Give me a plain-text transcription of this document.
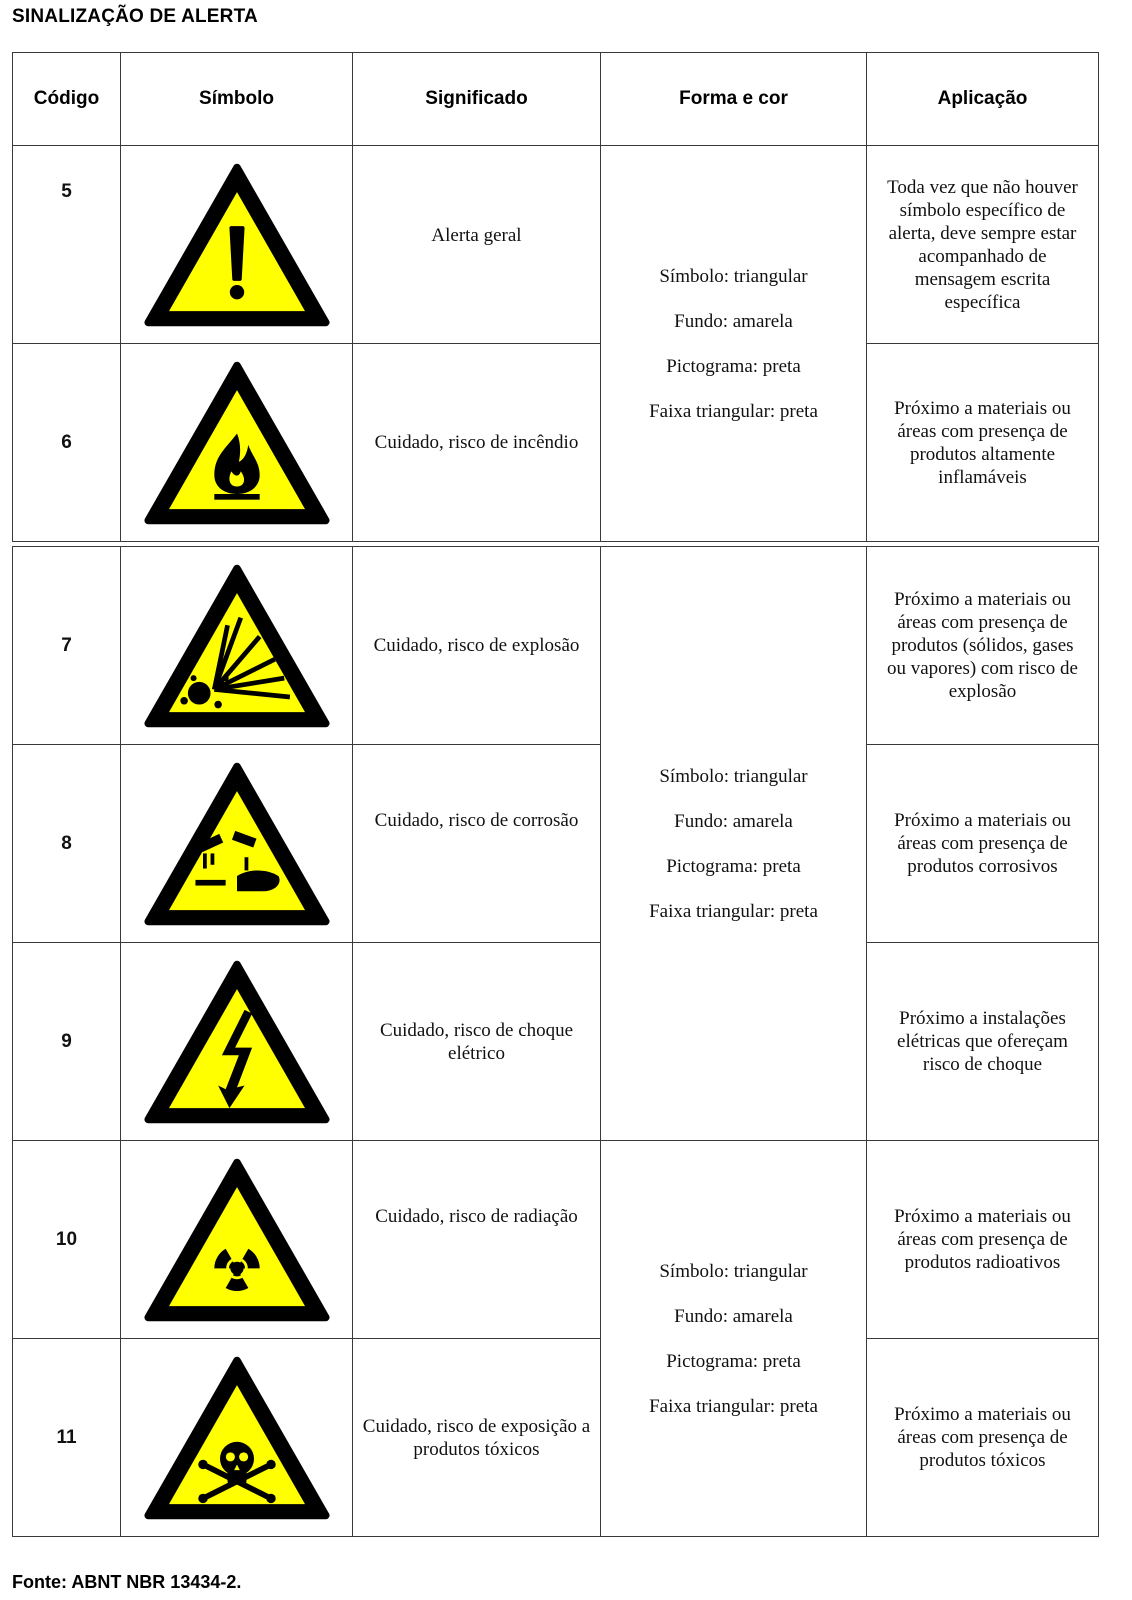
SINALIZAÇÃO DE ALERTA
Código	Símbolo	Significado	Forma e cor	Aplicação
5		Alerta geral	Símbolo: triangular
Fundo: amarela
Pictograma: preta
Faixa triangular: preta	Toda vez que não houver símbolo específico de alerta, deve sempre estar acompanhado de mensagem escrita específica
6		Cuidado, risco de incêndio		Próximo a materiais ou áreas com presença de produtos altamente inflamáveis
7		Cuidado, risco de explosão	Símbolo: triangular
Fundo: amarela
Pictograma: preta
Faixa triangular: preta	Próximo a materiais ou áreas com presença de produtos (sólidos, gases ou vapores) com risco de explosão
8		Cuidado, risco de corrosão		Próximo a materiais ou áreas com presença de produtos corrosivos
9		Cuidado, risco de choque elétrico		Próximo a instalações elétricas que ofereçam risco de choque
10		Cuidado, risco de radiação	Símbolo: triangular
Fundo: amarela
Pictograma: preta
Faixa triangular: preta	Próximo a materiais ou áreas com presença de produtos radioativos
11		Cuidado, risco de exposição a produtos tóxicos		Próximo a materiais ou áreas com presença de produtos tóxicos
Fonte: ABNT NBR 13434-2.
